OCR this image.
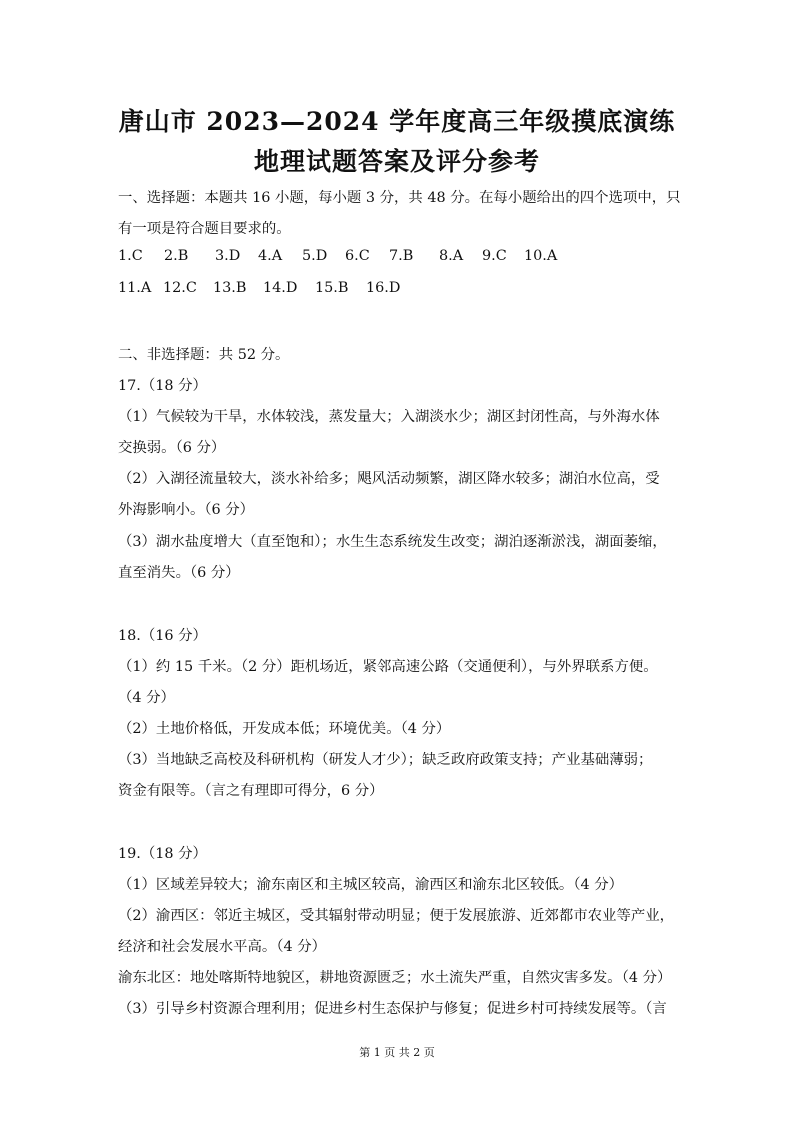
唐山市 2023—2024 学年度高三年级摸底演练
地理试题答案及评分参考
一、选择题：本题共 16 小题，每小题 3 分，共 48 分。在每小题给出的四个选项中，只
有一项是符合题目要求的。
1.C 2.B 3.D 4.A 5.D 6.C 7.B 8.A 9.C 10.A
11.A 12.C 13.B 14.D 15.B 16.D
二、非选择题：共 52 分。
17.（18 分）
（1）气候较为干旱，水体较浅，蒸发量大；入湖淡水少；湖区封闭性高，与外海水体
交换弱。（6 分）
（2）入湖径流量较大，淡水补给多；飓风活动频繁，湖区降水较多；湖泊水位高，受
外海影响小。（6 分）
（3）湖水盐度增大（直至饱和）；水生生态系统发生改变；湖泊逐渐淤浅，湖面萎缩，
直至消失。（6 分）
18.（16 分）
（1）约 15 千米。（2 分）距机场近，紧邻高速公路（交通便利），与外界联系方便。
（4 分）
（2）土地价格低，开发成本低；环境优美。（4 分）
（3）当地缺乏高校及科研机构（研发人才少）；缺乏政府政策支持；产业基础薄弱；
资金有限等。（言之有理即可得分，6 分）
19.（18 分）
（1）区域差异较大；渝东南区和主城区较高，渝西区和渝东北区较低。（4 分）
（2）渝西区：邻近主城区，受其辐射带动明显；便于发展旅游、近郊都市农业等产业，
经济和社会发展水平高。（4 分）
渝东北区：地处喀斯特地貌区，耕地资源匮乏；水土流失严重，自然灾害多发。（4 分）
（3）引导乡村资源合理利用；促进乡村生态保护与修复；促进乡村可持续发展等。（言
第 1 页 共 2 页
